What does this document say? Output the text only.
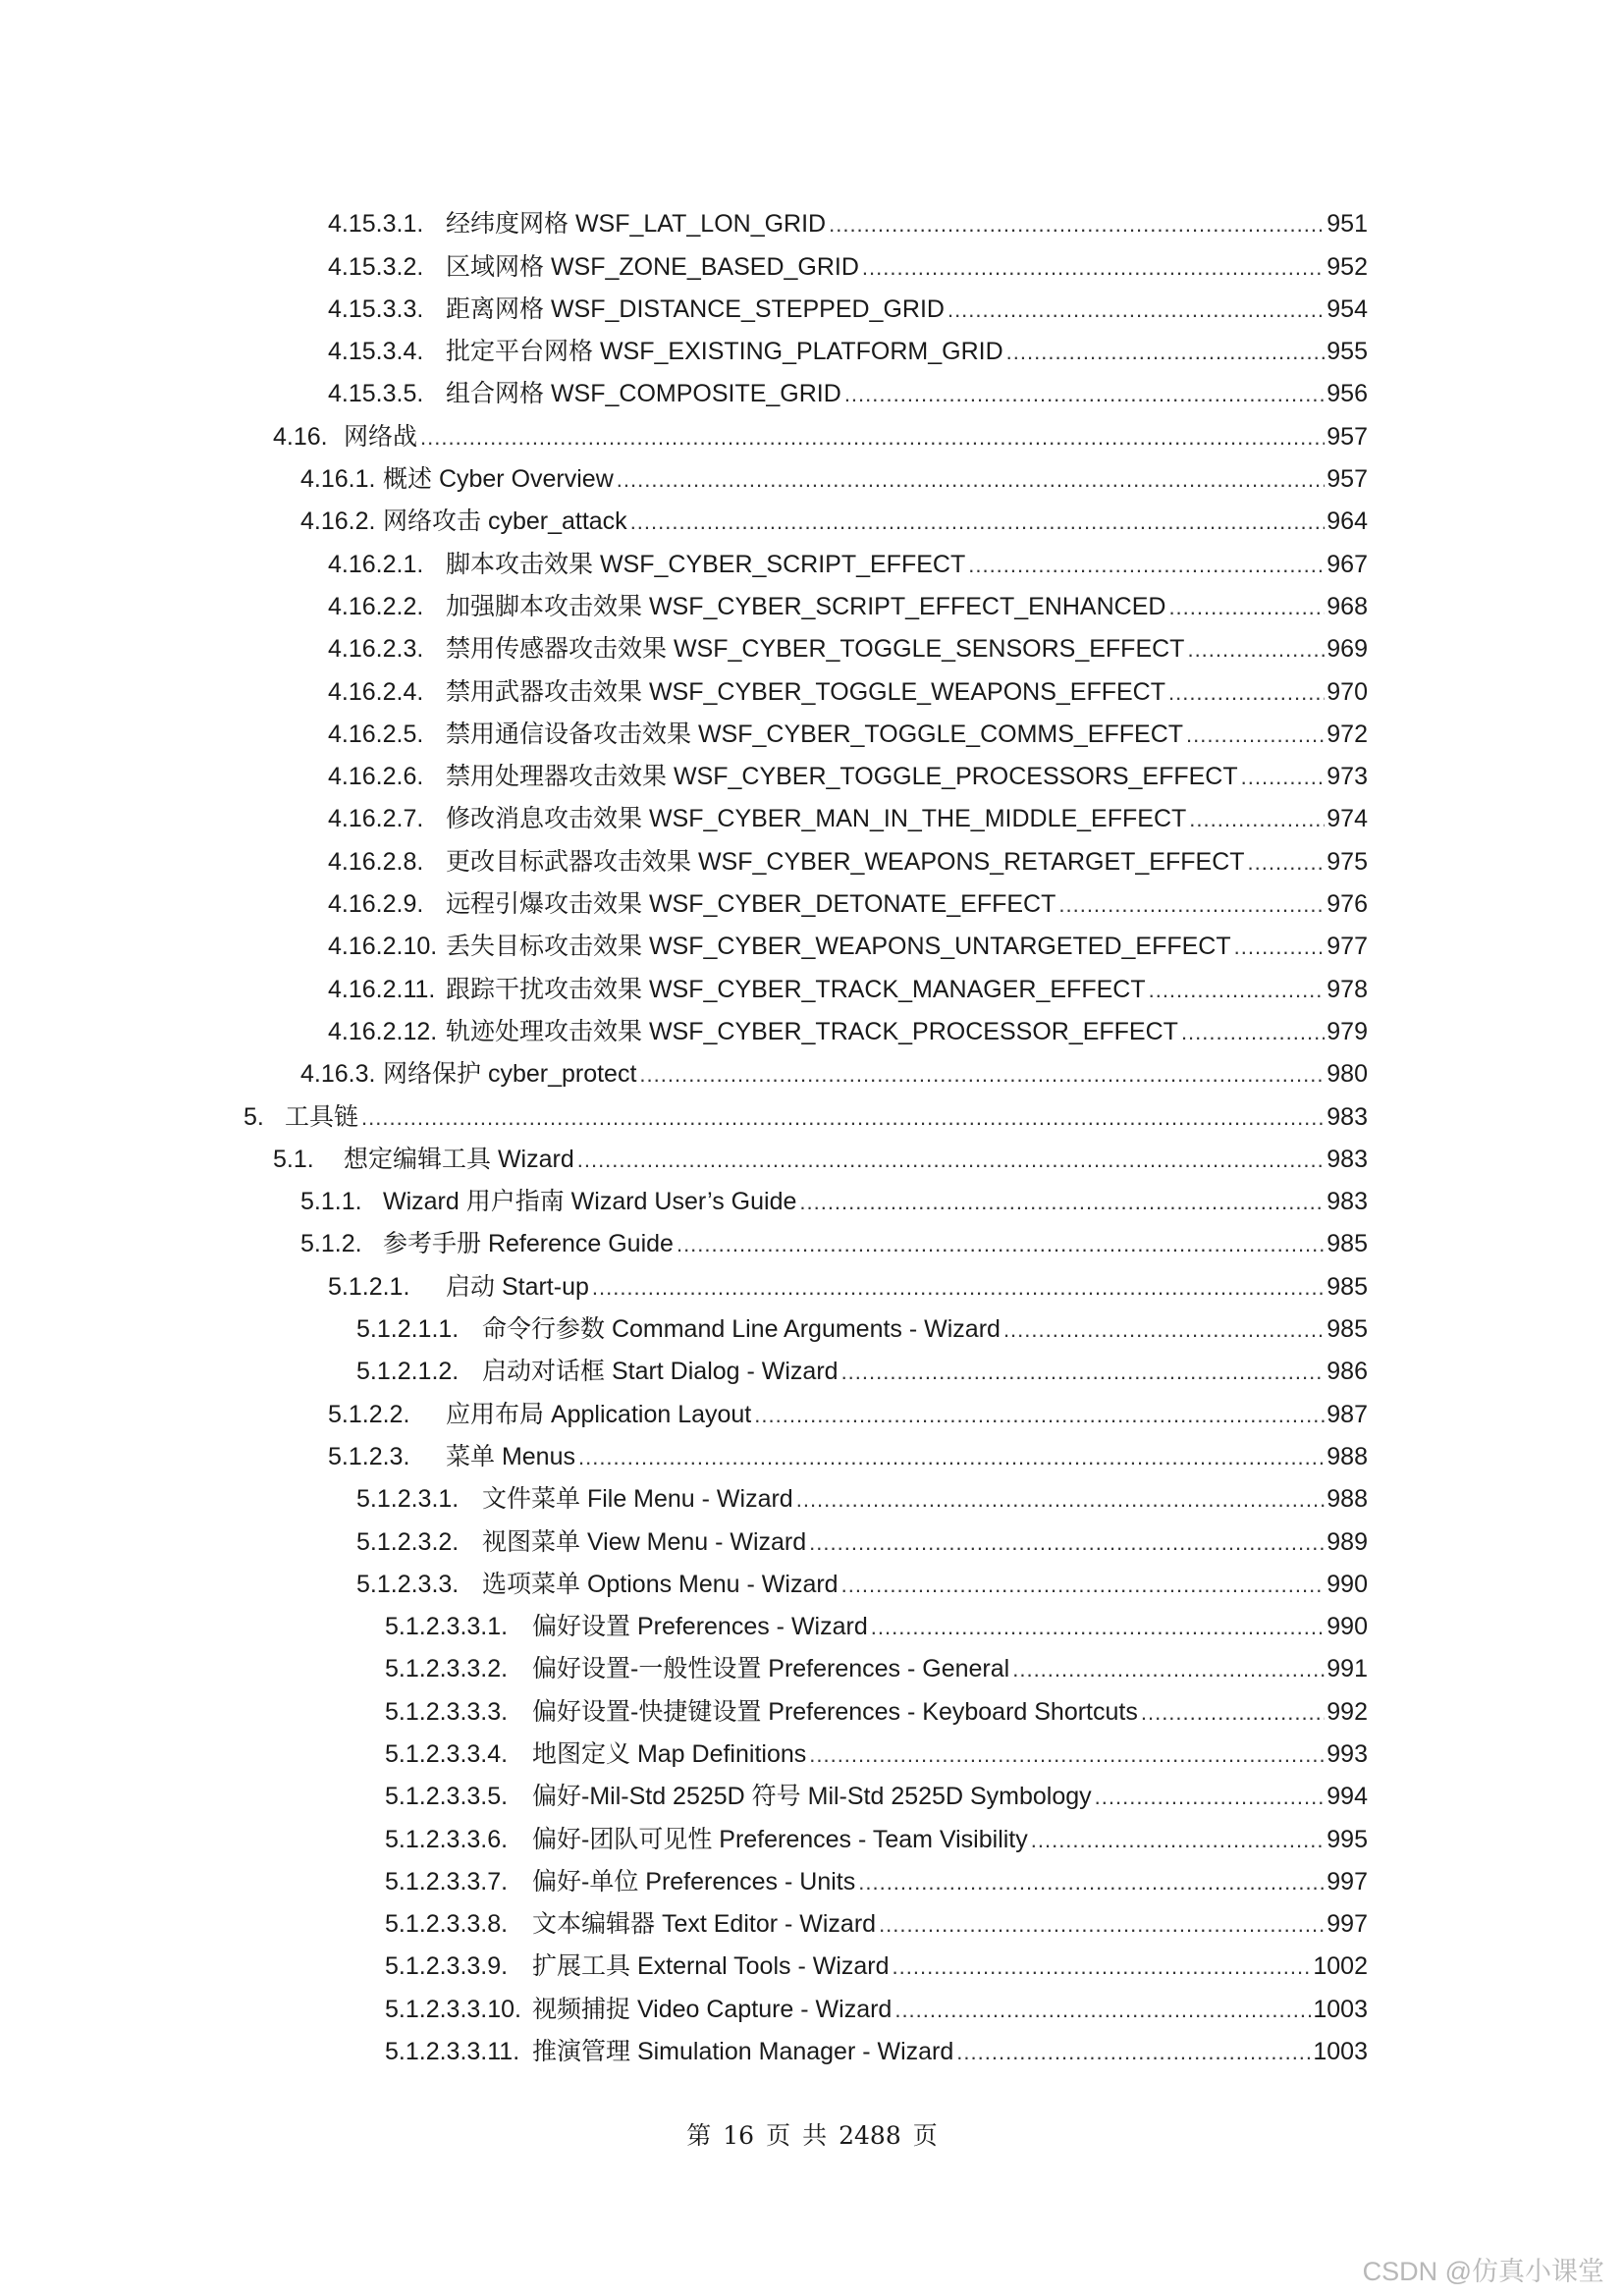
4.15.3.1. 经纬度网格 WSF_LAT_LON_GRID .....	951
4.15.3.2. 区域网格 WSF_ZONE_BASED_GRID .....	952
4.15.3.3. 距离网格 WSF_DISTANCE_STEPPED_GRID .....	954
4.15.3.4. 批定平台网格 WSF_EXISTING_PLATFORM_GRID .....	955
4.15.3.5. 组合网格 WSF_COMPOSITE_GRID .....	956
4.16. 网络战 .....	957
4.16.1. 概述 Cyber Overview .....	957
4.16.2. 网络攻击 cyber_attack .....	964
4.16.2.1. 脚本攻击效果 WSF_CYBER_SCRIPT_EFFECT .....	967
4.16.2.2. 加强脚本攻击效果 WSF_CYBER_SCRIPT_EFFECT_ENHANCED .....	968
4.16.2.3. 禁用传感器攻击效果 WSF_CYBER_TOGGLE_SENSORS_EFFECT .....	969
4.16.2.4. 禁用武器攻击效果 WSF_CYBER_TOGGLE_WEAPONS_EFFECT .....	970
4.16.2.5. 禁用通信设备攻击效果 WSF_CYBER_TOGGLE_COMMS_EFFECT .....	972
4.16.2.6. 禁用处理器攻击效果 WSF_CYBER_TOGGLE_PROCESSORS_EFFECT .....	973
4.16.2.7. 修改消息攻击效果 WSF_CYBER_MAN_IN_THE_MIDDLE_EFFECT .....	974
4.16.2.8. 更改目标武器攻击效果 WSF_CYBER_WEAPONS_RETARGET_EFFECT .....	975
4.16.2.9. 远程引爆攻击效果 WSF_CYBER_DETONATE_EFFECT .....	976
4.16.2.10. 丢失目标攻击效果 WSF_CYBER_WEAPONS_UNTARGETED_EFFECT .....	977
4.16.2.11. 跟踪干扰攻击效果 WSF_CYBER_TRACK_MANAGER_EFFECT .....	978
4.16.2.12. 轨迹处理攻击效果 WSF_CYBER_TRACK_PROCESSOR_EFFECT .....	979
4.16.3. 网络保护 cyber_protect .....	980
5. 工具链 .....	983
5.1.	想定编辑工具 Wizard .....	983
5.1.1. Wizard 用户指南 Wizard User’s Guide .....	983
5.1.2. 参考手册 Reference Guide .....	985
5.1.2.1.	启动 Start-up .....	985
5.1.2.1.1. 命令行参数 Command Line Arguments - Wizard .....	985
5.1.2.1.2. 启动对话框 Start Dialog - Wizard .....	986
5.1.2.2.	应用布局 Application Layout .....	987
5.1.2.3.	菜单 Menus .....	988
5.1.2.3.1. 文件菜单 File Menu - Wizard .....	988
5.1.2.3.2. 视图菜单 View Menu - Wizard .....	989
5.1.2.3.3. 选项菜单 Options Menu - Wizard .....	990
5.1.2.3.3.1. 偏好设置 Preferences - Wizard .....	990
5.1.2.3.3.2. 偏好设置-一般性设置 Preferences - General .....	991
5.1.2.3.3.3. 偏好设置-快捷键设置 Preferences - Keyboard Shortcuts .....	992
5.1.2.3.3.4. 地图定义 Map Definitions .....	993
5.1.2.3.3.5. 偏好-Mil-Std 2525D 符号 Mil-Std 2525D Symbology .....	994
5.1.2.3.3.6. 偏好-团队可见性 Preferences - Team Visibility .....	995
5.1.2.3.3.7. 偏好-单位 Preferences - Units .....	997
5.1.2.3.3.8. 文本编辑器 Text Editor - Wizard .....	997
5.1.2.3.3.9. 扩展工具 External Tools - Wizard .....	1002
5.1.2.3.3.10. 视频捕捉 Video Capture - Wizard .....	1003
5.1.2.3.3.11. 推演管理 Simulation Manager - Wizard .....	1003
第 16 页 共 2488 页
CSDN @仿真小课堂
